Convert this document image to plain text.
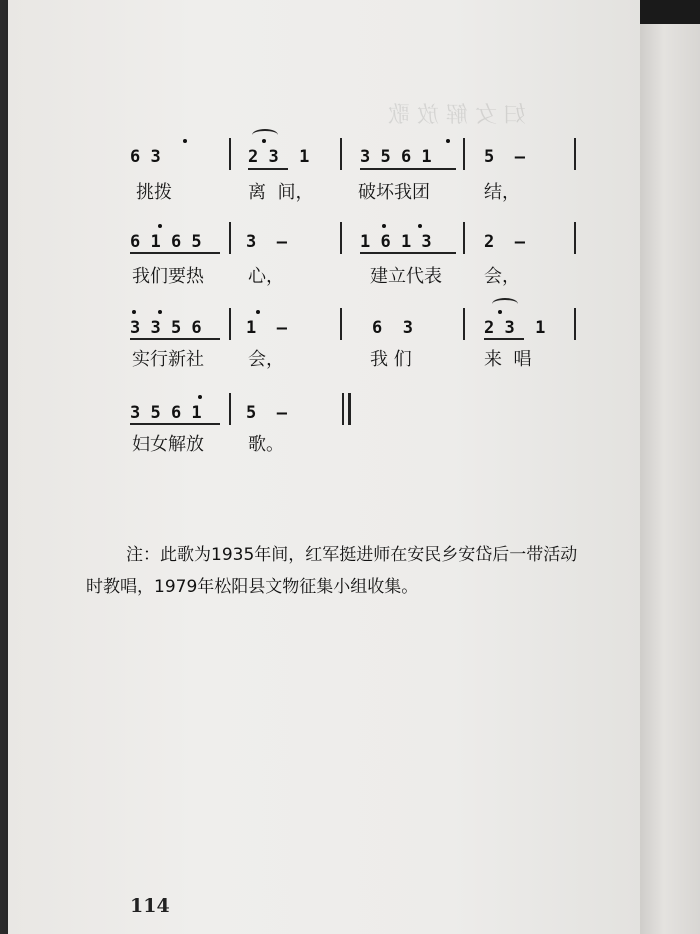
妇 女 解 放 歌
6 3	2 3  1	3 5 6 1	5  —
挑拨	离  间， 破坏我团	结，
6 1 6 5	3  —	1 6 1 3	2  —
我们要热 心，	建立代表 会，
3 3 5 6	1  —	6  3	2 3  1
实行新社 会，	我 们	来  唱
3 5 6 1	5  —
妇女解放 歌。
注：此歌为1935年间，红军挺进师在安民乡安岱后一带活动
时教唱，1979年松阳县文物征集小组收集。
114
